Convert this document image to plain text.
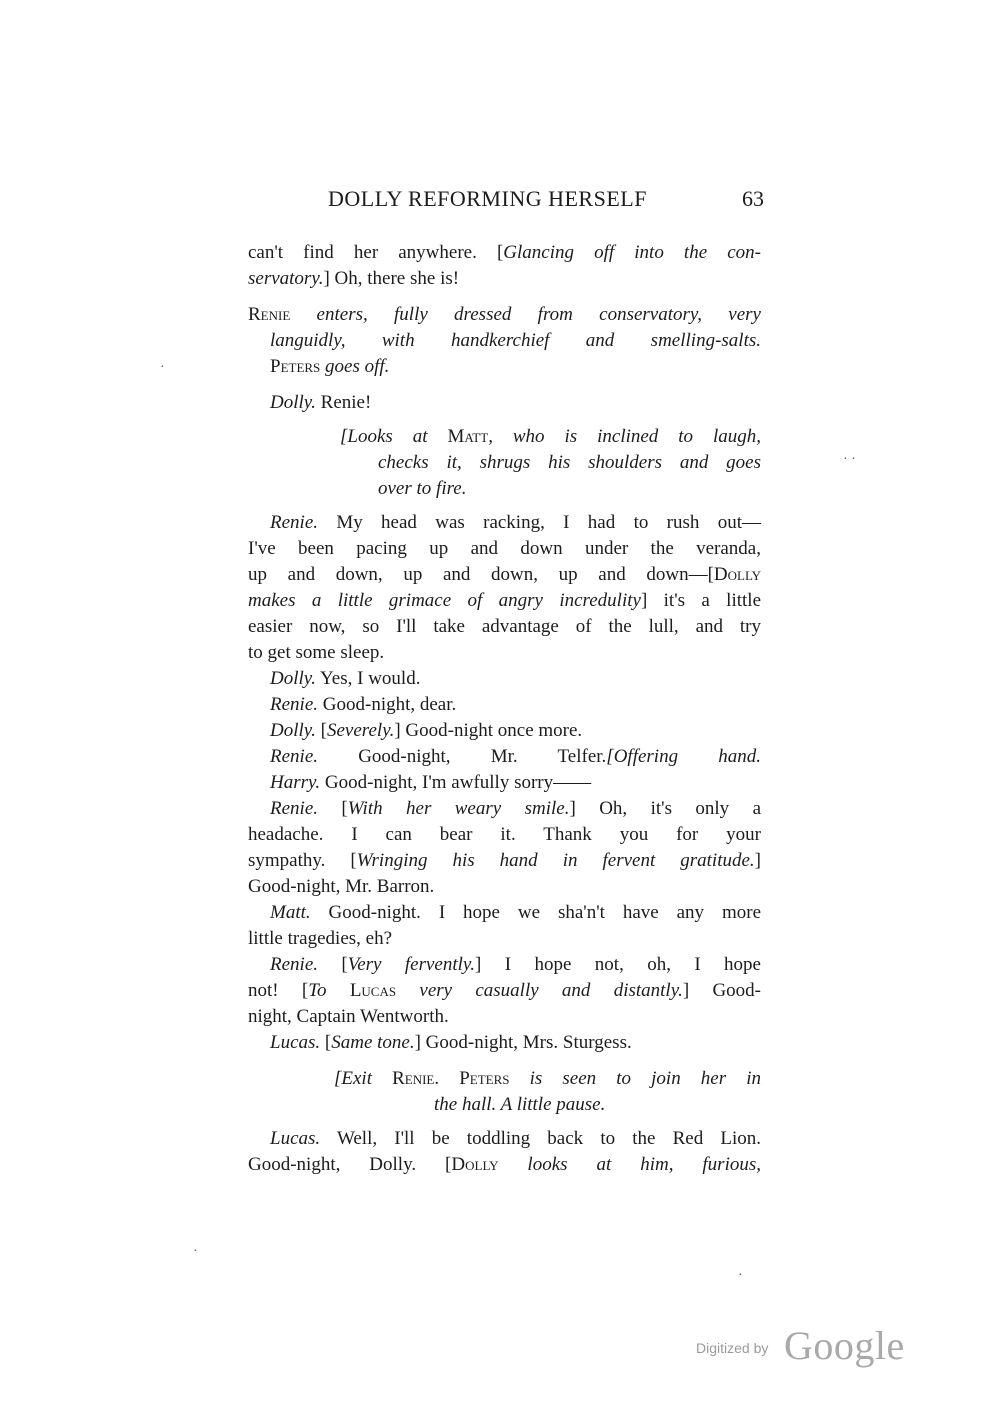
DOLLY REFORMING HERSELF	63
can't find her anywhere. [Glancing off into the con-
servatory.] Oh, there she is!
Renie enters, fully dressed from conservatory, very
languidly, with handkerchief and smelling-salts.
Peters goes off.
Dolly. Renie!
[Looks at Matt, who is inclined to laugh,
checks it, shrugs his shoulders and goes
over to fire.
Renie. My head was racking, I had to rush out—
I've been pacing up and down under the veranda,
up and down, up and down, up and down—[Dolly
makes a little grimace of angry incredulity] it's a little
easier now, so I'll take advantage of the lull, and try
to get some sleep.
Dolly. Yes, I would.
Renie. Good-night, dear.
Dolly. [Severely.] Good-night once more.
Renie. Good-night, Mr. Telfer.[Offering hand.
Harry. Good-night, I'm awfully sorry——
Renie. [With her weary smile.] Oh, it's only a
headache. I can bear it. Thank you for your
sympathy. [Wringing his hand in fervent gratitude.]
Good-night, Mr. Barron.
Matt. Good-night. I hope we sha'n't have any more
little tragedies, eh?
Renie. [Very fervently.] I hope not, oh, I hope
not! [To Lucas very casually and distantly.] Good-
night, Captain Wentworth.
Lucas. [Same tone.] Good-night, Mrs. Sturgess.
[Exit Renie. Peters is seen to join her in
the hall. A little pause.
Lucas. Well, I'll be toddling back to the Red Lion.
Good-night, Dolly. [Dolly looks at him, furious,
·
· ·
·
·
Digitized by Google
